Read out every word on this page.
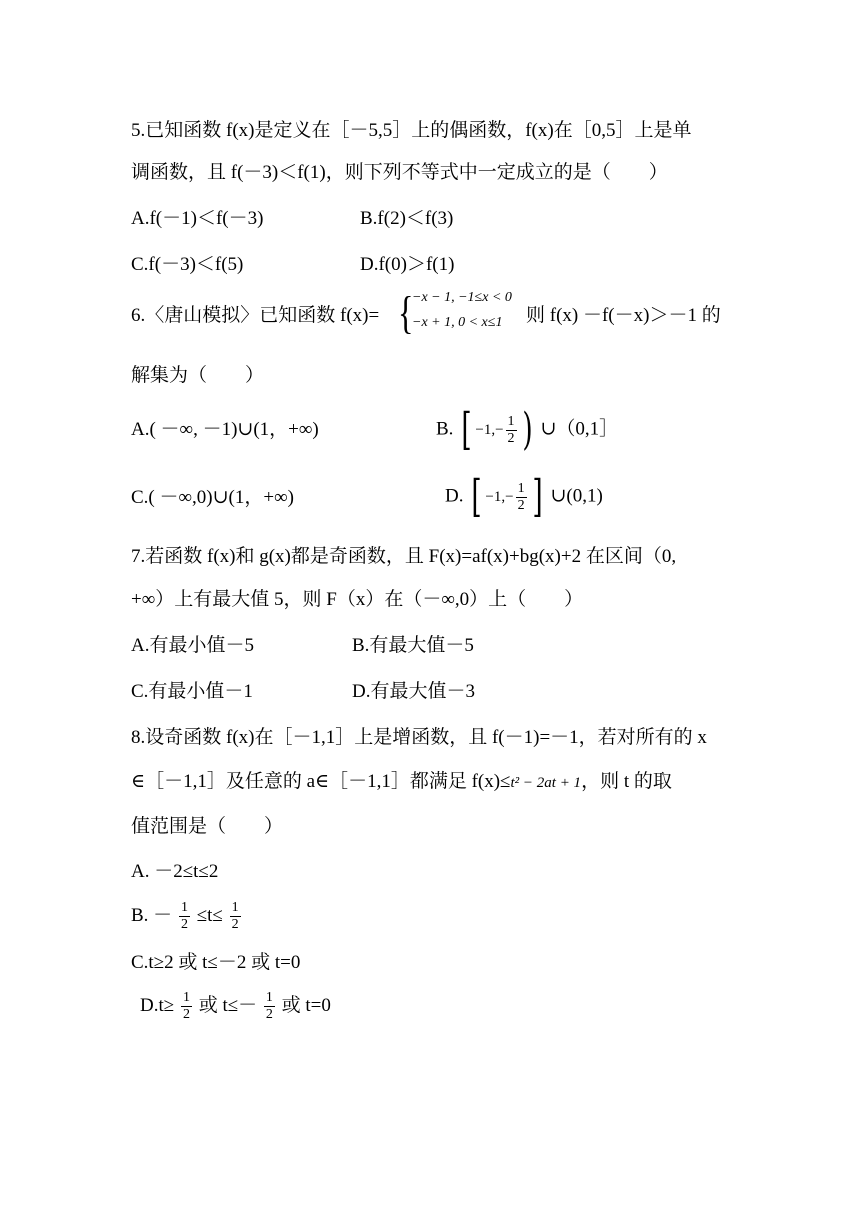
5.已知函数 f(x)是定义在［－5,5］上的偶函数，f(x)在［0,5］上是单
调函数，且 f(－3)＜f(1)，则下列不等式中一定成立的是（　　）
A.f(－1)＜f(－3)	B.f(2)＜f(3)
C.f(－3)＜f(5)	D.f(0)＞f(1)
6.〈唐山模拟〉已知函数 f(x)= {
−x − 1, −1≤x < 0
−x + 1, 0 < x≤1 则 f(x) －f(－x)＞－1 的
解集为（　　）
A.( －∞, －1)∪(1，+∞)	B. [ $-1,- \frac{1}{2}$ ) ∪（0,1］
C.( －∞,0)∪(1，+∞)	D. [ $-1,- \frac{1}{2}$ ] ∪(0,1)
7.若函数 f(x)和 g(x)都是奇函数，且 F(x)=af(x)+bg(x)+2 在区间（0,
+∞）上有最大值 5，则 F（x）在（－∞,0）上（　　）
A.有最小值－5	B.有最大值－5
C.有最小值－1	D.有最大值－3
8.设奇函数 f(x)在［－1,1］上是增函数，且 f(－1)=－1，若对所有的 x
∈［－1,1］及任意的 a∈［－1,1］都满足 f(x)≤t² − 2at + 1，则 t 的取
值范围是（　　）
A. －2≤t≤2
B. － $\frac{1}{2} \le t\le \frac{1}{2}$
C.t≥2 或 t≤－2 或 t=0
$D.t\ge \frac{1}{2}$ 或 $t\le- \frac{1}{2}$ 或 t=0
